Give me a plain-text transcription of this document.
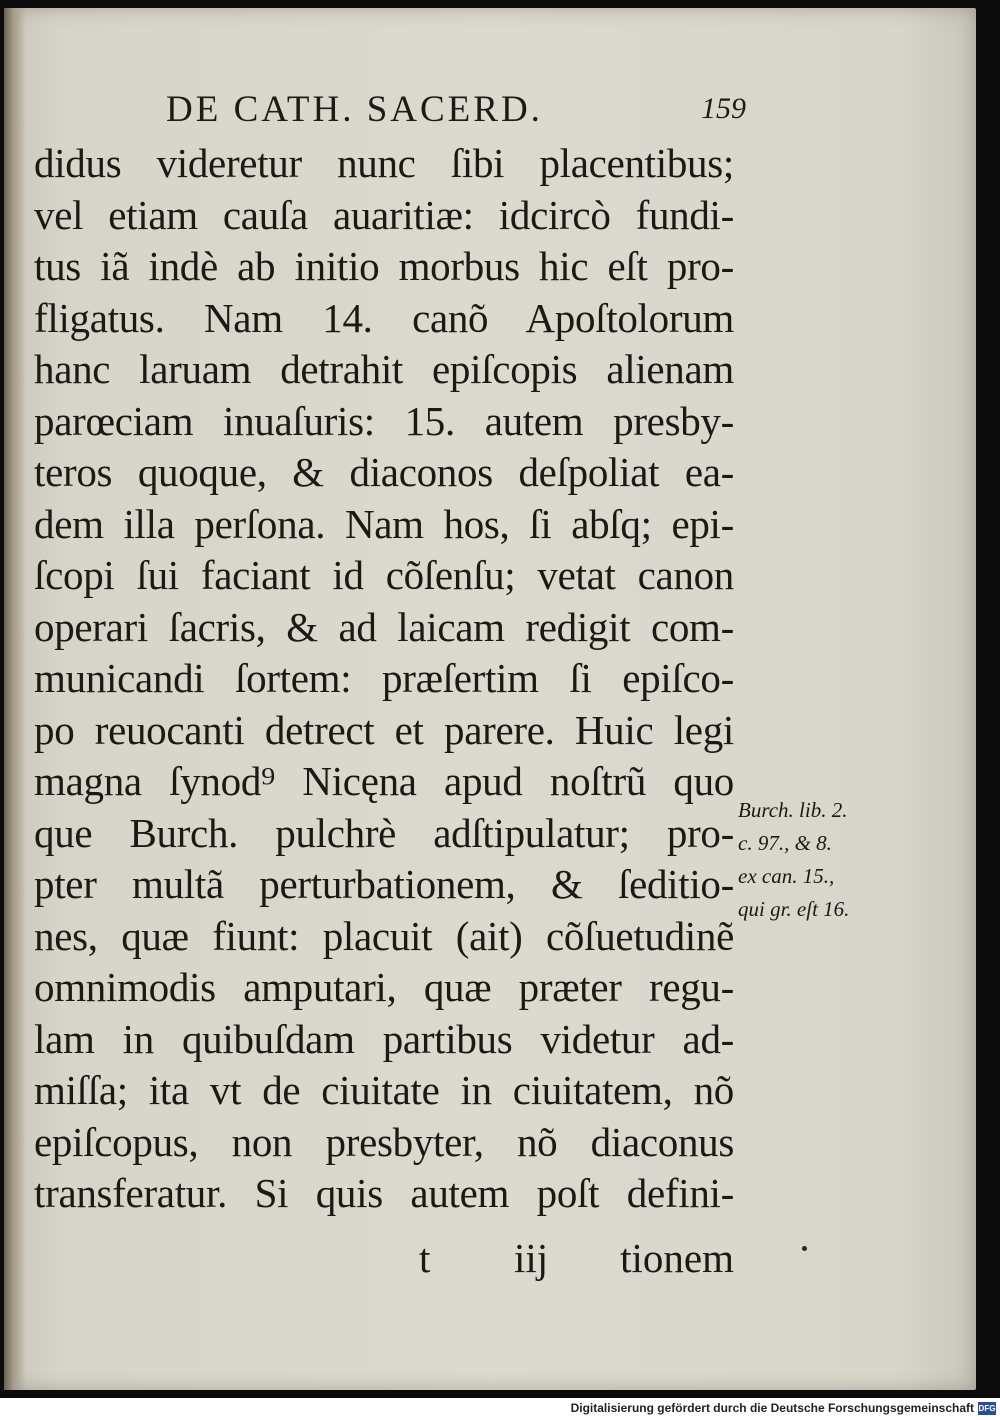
DE CATH. SACERD.	159
didus videretur nunc ſibi placentibus;
vel etiam cauſa auaritiæ: idcircò fundi-
tus iã indè ab initio morbus hic eſt pro-
fligatus. Nam 14. canõ Apoſtolorum
hanc laruam detrahit epiſcopis alienam
parœciam inuaſuris: 15. autem presby-
teros quoque, & diaconos deſpoliat ea-
dem illa perſona. Nam hos, ſi abſq; epi-
ſcopi ſui faciant id cõſenſu; vetat canon
operari ſacris, & ad laicam redigit com-
municandi ſortem: præſertim ſi epiſco-
po reuocanti detrect et parere. Huic legi
magna ſynod⁹ Nicęna apud noſtrũ quo
que Burch. pulchrè adſtipulatur; pro-
pter multã perturbationem, & ſeditio-
nes, quæ fiunt: placuit (ait) cõſuetudinẽ
omnimodis amputari, quæ præter regu-
lam in quibuſdam partibus videtur ad-
miſſa; ita vt de ciuitate in ciuitatem, nõ
epiſcopus, non presbyter, nõ diaconus
transferatur. Si quis autem poſt defini-
t iij tionem
Burch. lib. 2.
c. 97., & 8.
ex can. 15.,
qui gr. eſt 16.
Digitalisierung gefördert durch die Deutsche Forschungsgemeinschaft DFG
